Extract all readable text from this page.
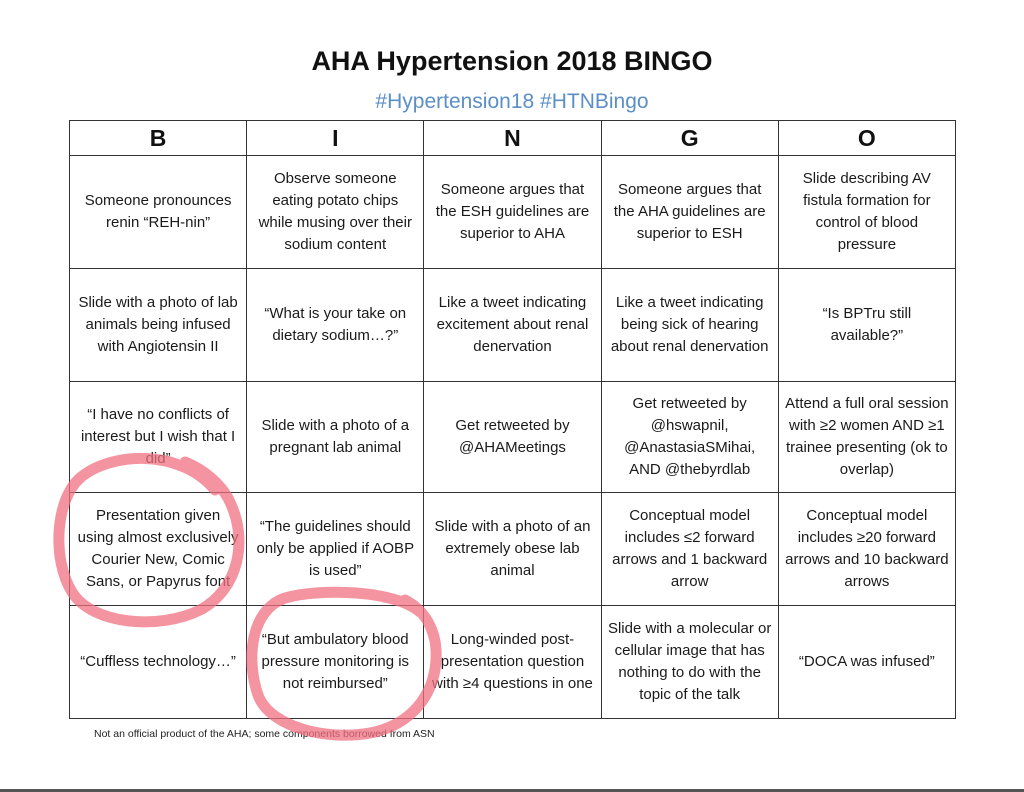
AHA Hypertension 2018 BINGO
#Hypertension18 #HTNBingo
B	I	N	G	O
Someone pronounces renin “REH-nin”	Observe someone eating potato chips while musing over their sodium content	Someone argues that the ESH guidelines are superior to AHA	Someone argues that the AHA guidelines are superior to ESH	Slide describing AV fistula formation for control of blood pressure
Slide with a photo of lab animals being infused with Angiotensin II	“What is your take on dietary sodium…?”	Like a tweet indicating excitement about renal denervation	Like a tweet indicating being sick of hearing about renal denervation	“Is BPTru still available?”
“I have no conflicts of interest but I wish that I did”	Slide with a photo of a pregnant lab animal	Get retweeted by @AHAMeetings	Get retweeted by @hswapnil, @AnastasiaSMihai, AND @thebyrdlab	Attend a full oral session with ≥2 women AND ≥1 trainee presenting (ok to overlap)
Presentation given using almost exclusively Courier New, Comic Sans, or Papyrus font	“The guidelines should only be applied if AOBP is used”	Slide with a photo of an extremely obese lab animal	Conceptual model includes ≤2 forward arrows and 1 backward arrow	Conceptual model includes ≥20 forward arrows and 10 backward arrows
“Cuffless technology…”	“But ambulatory blood pressure monitoring is not reimbursed”	Long-winded post-presentation question with ≥4 questions in one	Slide with a molecular or cellular image that has nothing to do with the topic of the talk	“DOCA was infused”
Not an official product of the AHA; some components borrowed from ASN
